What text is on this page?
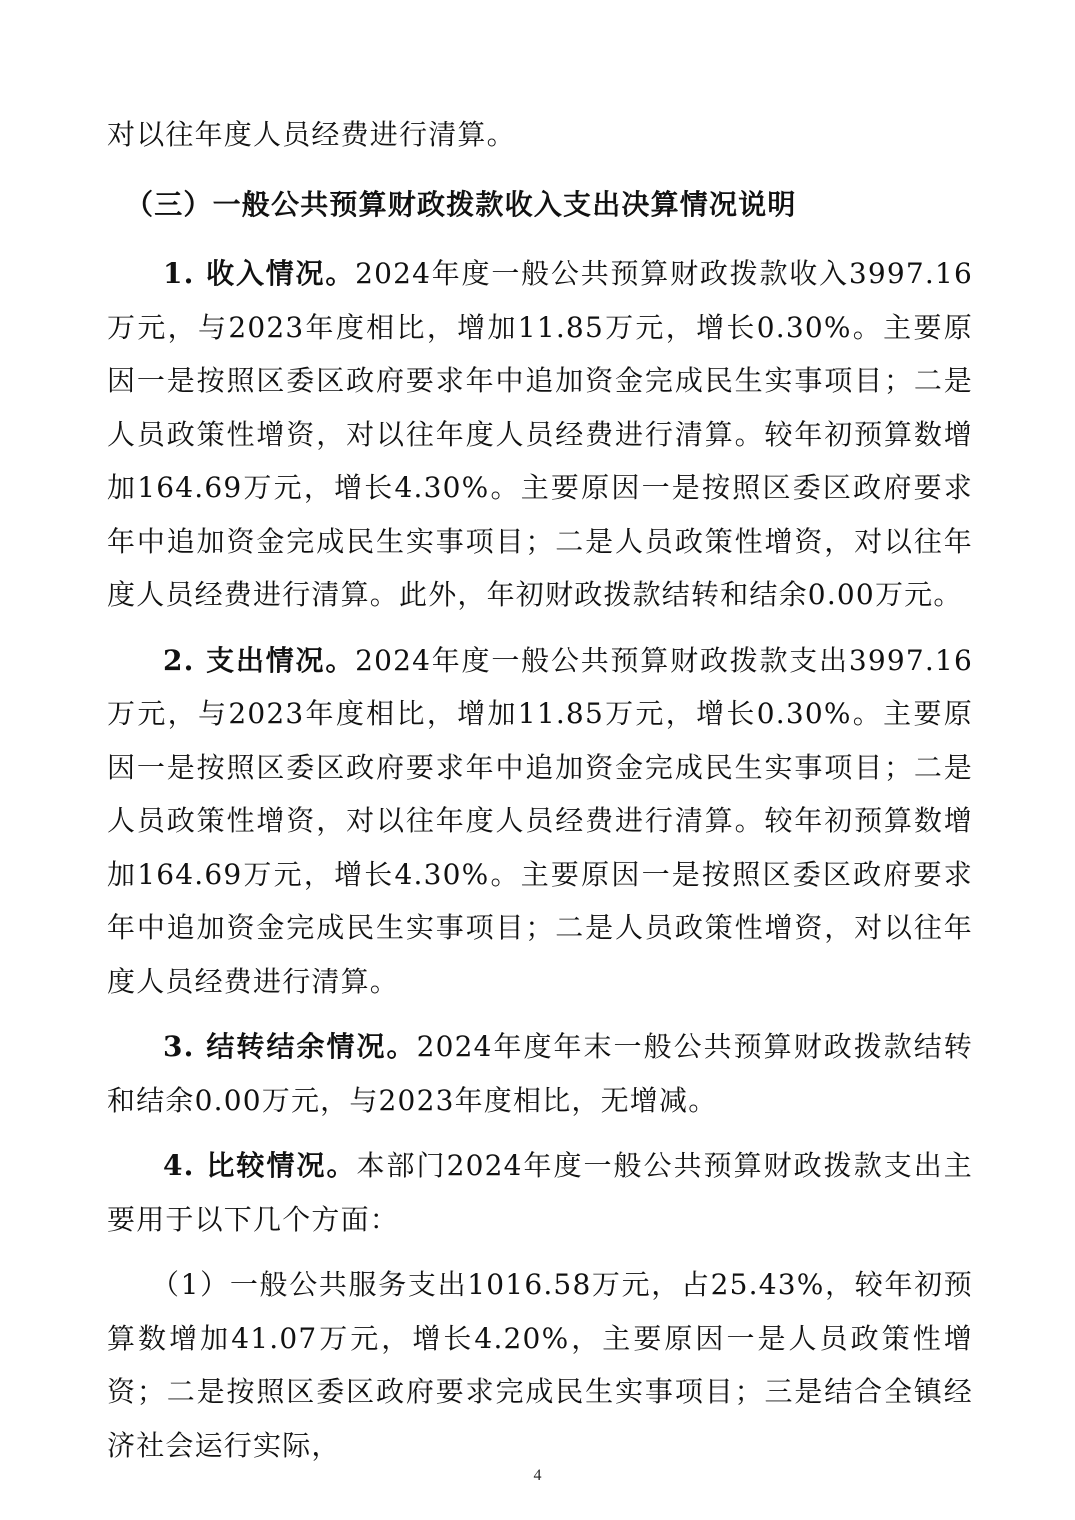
对以往年度人员经费进行清算。

（三）一般公共预算财政拨款收入支出决算情况说明

1. 收入情况。2024年度一般公共预算财政拨款收入3997.16万元，与2023年度相比，增加11.85万元，增长0.30%。主要原因一是按照区委区政府要求年中追加资金完成民生实事项目；二是人员政策性增资，对以往年度人员经费进行清算。较年初预算数增加164.69万元，增长4.30%。主要原因一是按照区委区政府要求年中追加资金完成民生实事项目；二是人员政策性增资，对以往年度人员经费进行清算。此外，年初财政拨款结转和结余0.00万元。

2. 支出情况。2024年度一般公共预算财政拨款支出3997.16万元，与2023年度相比，增加11.85万元，增长0.30%。主要原因一是按照区委区政府要求年中追加资金完成民生实事项目；二是人员政策性增资，对以往年度人员经费进行清算。较年初预算数增加164.69万元，增长4.30%。主要原因一是按照区委区政府要求年中追加资金完成民生实事项目；二是人员政策性增资，对以往年度人员经费进行清算。

3. 结转结余情况。2024年度年末一般公共预算财政拨款结转和结余0.00万元，与2023年度相比，无增减。

4. 比较情况。本部门2024年度一般公共预算财政拨款支出主要用于以下几个方面：

（1）一般公共服务支出1016.58万元，占25.43%，较年初预算数增加41.07万元，增长4.20%，主要原因一是人员政策性增资；二是按照区委区政府要求完成民生实事项目；三是结合全镇经济社会运行实际，

4
